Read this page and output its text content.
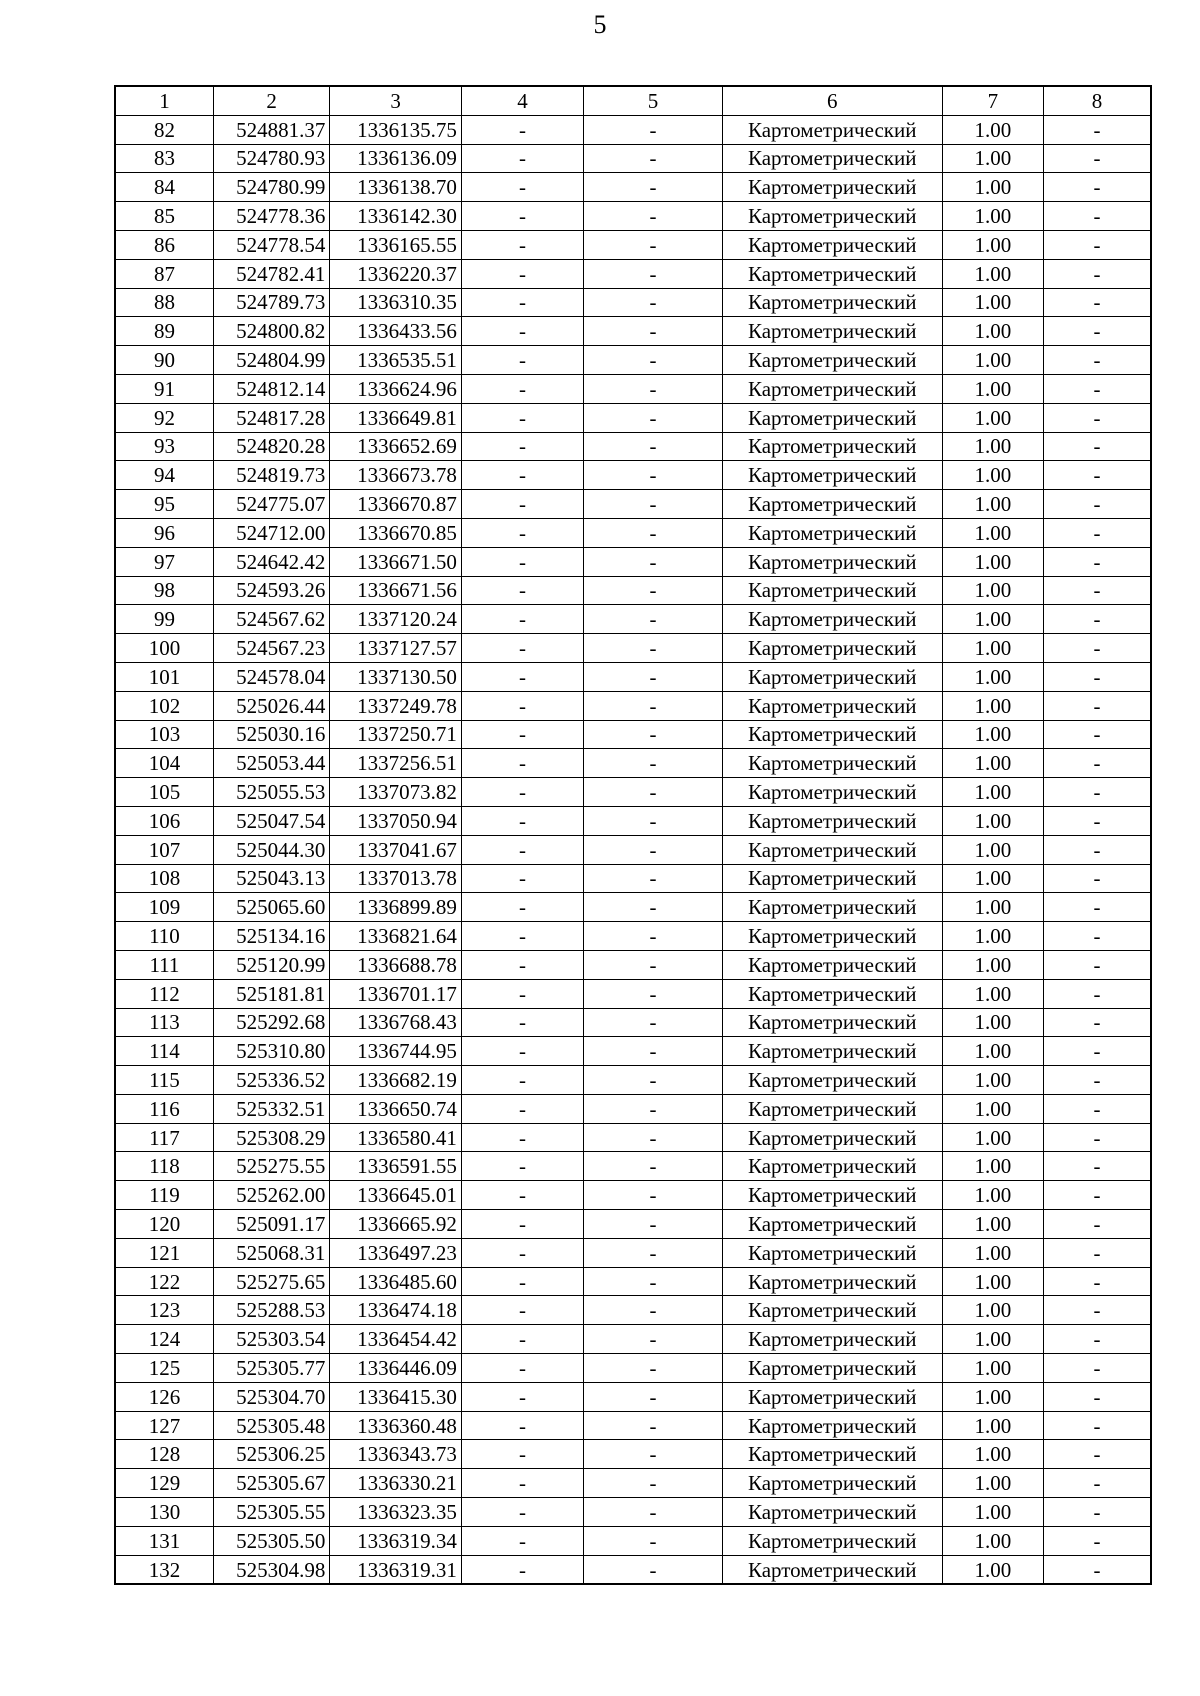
5
1	2	3	4	5	6	7	8
82	524881.37	1336135.75	-	-	Картометрический	1.00	-
83	524780.93	1336136.09	-	-	Картометрический	1.00	-
84	524780.99	1336138.70	-	-	Картометрический	1.00	-
85	524778.36	1336142.30	-	-	Картометрический	1.00	-
86	524778.54	1336165.55	-	-	Картометрический	1.00	-
87	524782.41	1336220.37	-	-	Картометрический	1.00	-
88	524789.73	1336310.35	-	-	Картометрический	1.00	-
89	524800.82	1336433.56	-	-	Картометрический	1.00	-
90	524804.99	1336535.51	-	-	Картометрический	1.00	-
91	524812.14	1336624.96	-	-	Картометрический	1.00	-
92	524817.28	1336649.81	-	-	Картометрический	1.00	-
93	524820.28	1336652.69	-	-	Картометрический	1.00	-
94	524819.73	1336673.78	-	-	Картометрический	1.00	-
95	524775.07	1336670.87	-	-	Картометрический	1.00	-
96	524712.00	1336670.85	-	-	Картометрический	1.00	-
97	524642.42	1336671.50	-	-	Картометрический	1.00	-
98	524593.26	1336671.56	-	-	Картометрический	1.00	-
99	524567.62	1337120.24	-	-	Картометрический	1.00	-
100	524567.23	1337127.57	-	-	Картометрический	1.00	-
101	524578.04	1337130.50	-	-	Картометрический	1.00	-
102	525026.44	1337249.78	-	-	Картометрический	1.00	-
103	525030.16	1337250.71	-	-	Картометрический	1.00	-
104	525053.44	1337256.51	-	-	Картометрический	1.00	-
105	525055.53	1337073.82	-	-	Картометрический	1.00	-
106	525047.54	1337050.94	-	-	Картометрический	1.00	-
107	525044.30	1337041.67	-	-	Картометрический	1.00	-
108	525043.13	1337013.78	-	-	Картометрический	1.00	-
109	525065.60	1336899.89	-	-	Картометрический	1.00	-
110	525134.16	1336821.64	-	-	Картометрический	1.00	-
111	525120.99	1336688.78	-	-	Картометрический	1.00	-
112	525181.81	1336701.17	-	-	Картометрический	1.00	-
113	525292.68	1336768.43	-	-	Картометрический	1.00	-
114	525310.80	1336744.95	-	-	Картометрический	1.00	-
115	525336.52	1336682.19	-	-	Картометрический	1.00	-
116	525332.51	1336650.74	-	-	Картометрический	1.00	-
117	525308.29	1336580.41	-	-	Картометрический	1.00	-
118	525275.55	1336591.55	-	-	Картометрический	1.00	-
119	525262.00	1336645.01	-	-	Картометрический	1.00	-
120	525091.17	1336665.92	-	-	Картометрический	1.00	-
121	525068.31	1336497.23	-	-	Картометрический	1.00	-
122	525275.65	1336485.60	-	-	Картометрический	1.00	-
123	525288.53	1336474.18	-	-	Картометрический	1.00	-
124	525303.54	1336454.42	-	-	Картометрический	1.00	-
125	525305.77	1336446.09	-	-	Картометрический	1.00	-
126	525304.70	1336415.30	-	-	Картометрический	1.00	-
127	525305.48	1336360.48	-	-	Картометрический	1.00	-
128	525306.25	1336343.73	-	-	Картометрический	1.00	-
129	525305.67	1336330.21	-	-	Картометрический	1.00	-
130	525305.55	1336323.35	-	-	Картометрический	1.00	-
131	525305.50	1336319.34	-	-	Картометрический	1.00	-
132	525304.98	1336319.31	-	-	Картометрический	1.00	-
